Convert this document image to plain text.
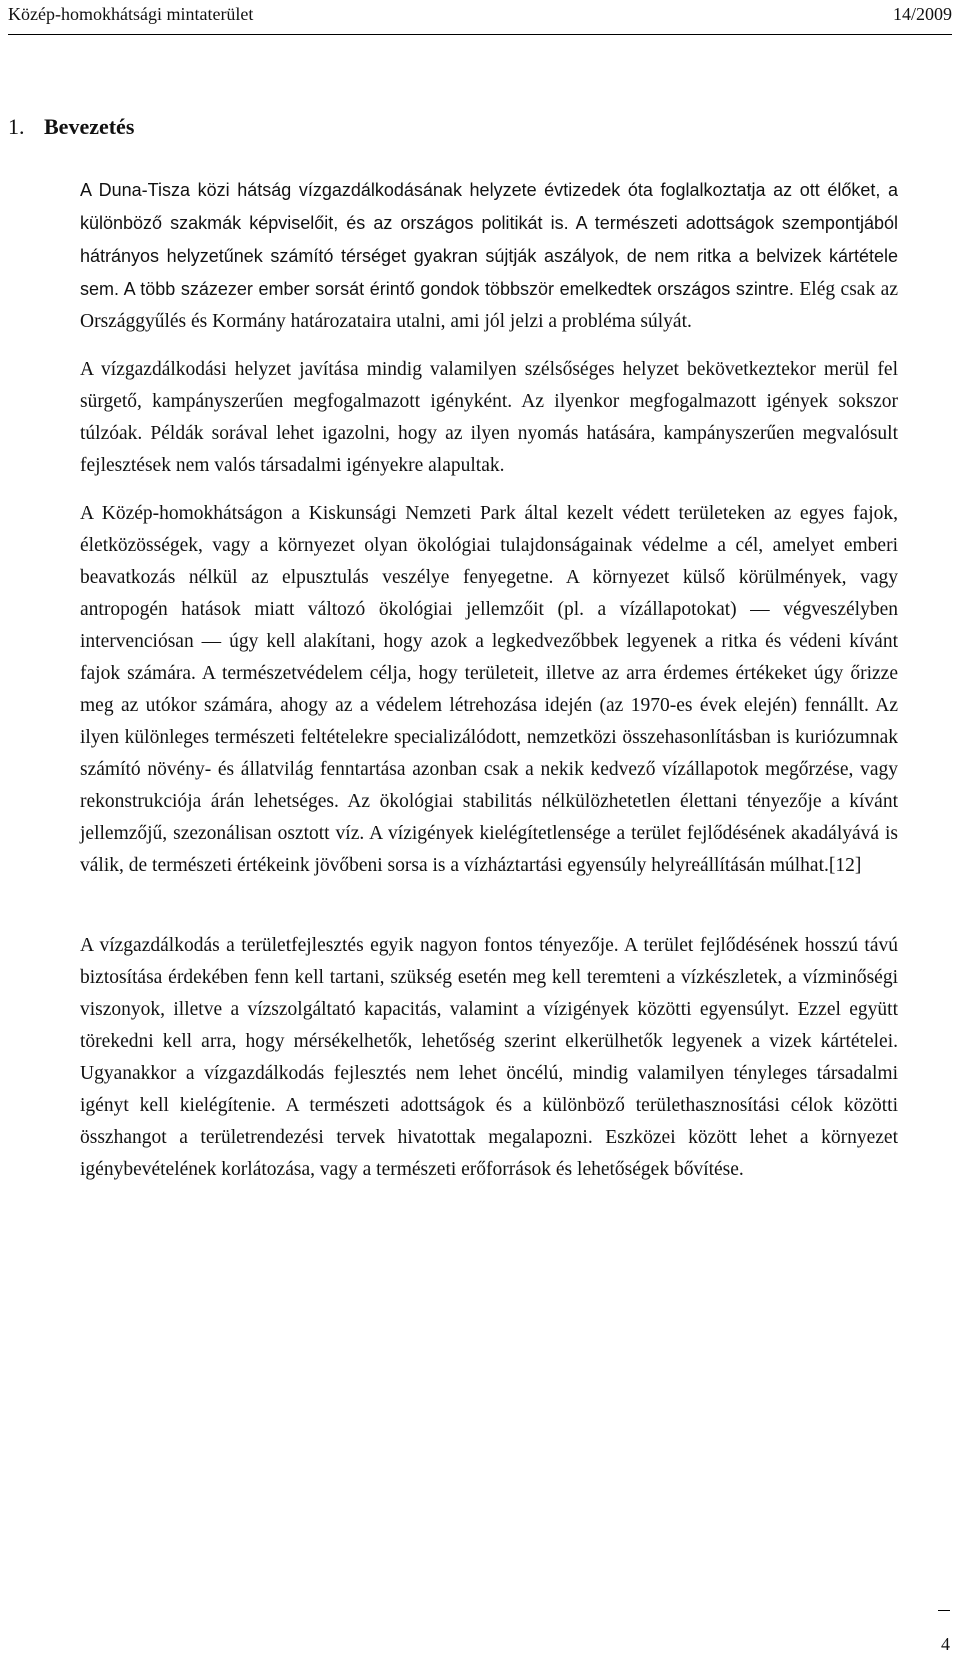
Közép-homokhátsági mintaterület	14/2009
1. Bevezetés

A Duna-Tisza közi hátság vízgazdálkodásának helyzete évtizedek óta foglalkoztatja az ott élőket, a különböző szakmák képviselőit, és az országos politikát is. A természeti adottságok szempontjából hátrányos helyzetűnek számító térséget gyakran sújtják aszályok, de nem ritka a belvizek kártétele sem. A több százezer ember sorsát érintő gondok többször emelkedtek országos szintre. Elég csak az Országgyűlés és Kormány határozataira utalni, ami jól jelzi a probléma súlyát.

A vízgazdálkodási helyzet javítása mindig valamilyen szélsőséges helyzet bekövetkeztekor merül fel sürgető, kampányszerűen megfogalmazott igényként. Az ilyenkor megfogalmazott igények sokszor túlzóak. Példák sorával lehet igazolni, hogy az ilyen nyomás hatására, kampányszerűen megvalósult fejlesztések nem valós társadalmi igényekre alapultak.

A Közép-homokhátságon a Kiskunsági Nemzeti Park által kezelt védett területeken az egyes fajok, életközösségek, vagy a környezet olyan ökológiai tulajdonságainak védelme a cél, amelyet emberi beavatkozás nélkül az elpusztulás veszélye fenyegetne. A környezet külső körülmények, vagy antropogén hatások miatt változó ökológiai jellemzőit (pl. a vízállapotokat) — végveszélyben intervenciósan — úgy kell alakítani, hogy azok a legkedvezőbbek legyenek a ritka és védeni kívánt fajok számára. A természetvédelem célja, hogy területeit, illetve az arra érdemes értékeket úgy őrizze meg az utókor számára, ahogy az a védelem létrehozása idején (az 1970-es évek elején) fennállt. Az ilyen különleges természeti feltételekre specializálódott, nemzetközi összehasonlításban is kuriózumnak számító növény- és állatvilág fenntartása azonban csak a nekik kedvező vízállapotok megőrzése, vagy rekonstrukciója árán lehetséges. Az ökológiai stabilitás nélkülözhetetlen élettani tényezője a kívánt jellemzőjű, szezonálisan osztott víz. A vízigények kielégítetlensége a terület fejlődésének akadályává is válik, de természeti értékeink jövőbeni sorsa is a vízháztartási egyensúly helyreállításán múlhat.[12]

A vízgazdálkodás a területfejlesztés egyik nagyon fontos tényezője. A terület fejlődésének hosszú távú biztosítása érdekében fenn kell tartani, szükség esetén meg kell teremteni a vízkészletek, a vízminőségi viszonyok, illetve a vízszolgáltató kapacitás, valamint a vízigények közötti egyensúlyt. Ezzel együtt törekedni kell arra, hogy mérsékelhetők, lehetőség szerint elkerülhetők legyenek a vizek kártételei. Ugyanakkor a vízgazdálkodás fejlesztés nem lehet öncélú, mindig valamilyen tényleges társadalmi igényt kell kielégítenie. A természeti adottságok és a különböző területhasznosítási célok közötti összhangot a területrendezési tervek hivatottak megalapozni. Eszközei között lehet a környezet igénybevételének korlátozása, vagy a természeti erőforrások és lehetőségek bővítése.

4
